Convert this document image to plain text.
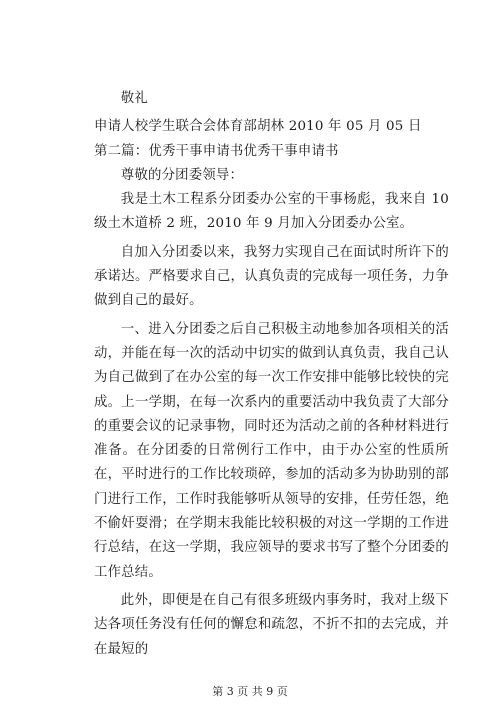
敬礼

申请人校学生联合会体育部胡林 2010 年 05 月 05 日

第二篇：优秀干事申请书优秀干事申请书

尊敬的分团委领导：

我是土木工程系分团委办公室的干事杨彪，我来自 10 级土木道桥 2 班，2010 年 9 月加入分团委办公室。

自加入分团委以来，我努力实现自己在面试时所许下的承诺达。严格要求自己，认真负责的完成每一项任务，力争做到自己的最好。

一、进入分团委之后自己积极主动地参加各项相关的活动，并能在每一次的活动中切实的做到认真负责，我自己认为自己做到了在办公室的每一次工作安排中能够比较快的完成。上一学期，在每一次系内的重要活动中我负责了大部分的重要会议的记录事物，同时还为活动之前的各种材料进行准备。在分团委的日常例行工作中，由于办公室的性质所在，平时进行的工作比较琐碎，参加的活动多为协助别的部门进行工作，工作时我能够听从领导的安排，任劳任怨，绝不偷奸耍滑；在学期末我能比较积极的对这一学期的工作进行总结，在这一学期，我应领导的要求书写了整个分团委的工作总结。

此外，即便是在自己有很多班级内事务时，我对上级下达各项任务没有任何的懈怠和疏忽，不折不扣的去完成，并在最短的

第 3 页 共 9 页
